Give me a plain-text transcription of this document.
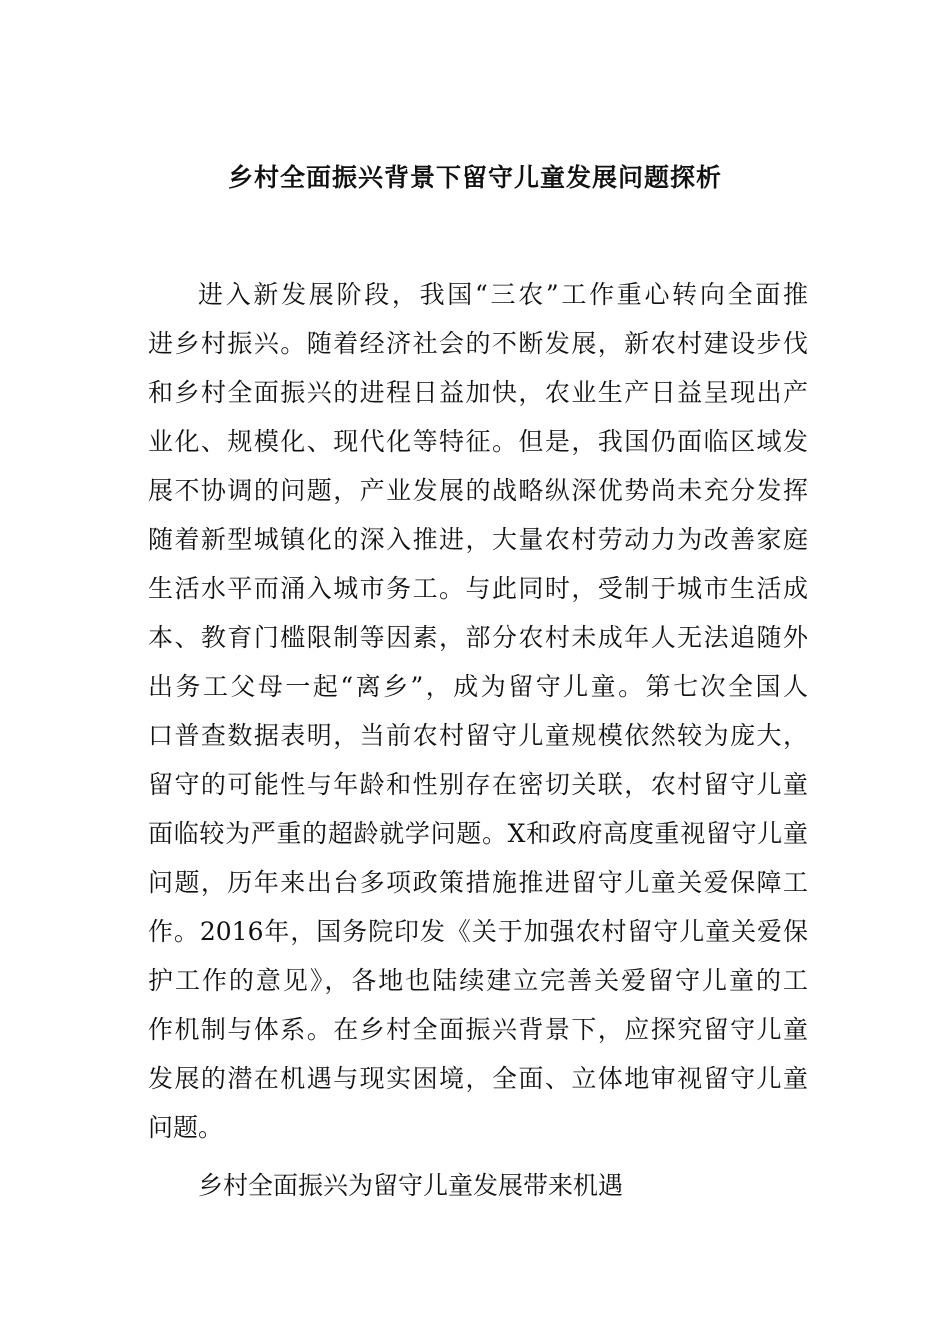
乡村全面振兴背景下留守儿童发展问题探析
进入新发展阶段，我国“三农”工作重心转向全面推
进乡村振兴。随着经济社会的不断发展，新农村建设步伐
和乡村全面振兴的进程日益加快，农业生产日益呈现出产
业化、规模化、现代化等特征。但是，我国仍面临区域发
展不协调的问题，产业发展的战略纵深优势尚未充分发挥
随着新型城镇化的深入推进，大量农村劳动力为改善家庭
生活水平而涌入城市务工。与此同时，受制于城市生活成
本、教育门槛限制等因素，部分农村未成年人无法追随外
出务工父母一起“离乡”，成为留守儿童。第七次全国人
口普查数据表明，当前农村留守儿童规模依然较为庞大，
留守的可能性与年龄和性别存在密切关联，农村留守儿童
面临较为严重的超龄就学问题。X和政府高度重视留守儿童
问题，历年来出台多项政策措施推进留守儿童关爱保障工
作。2016年，国务院印发《关于加强农村留守儿童关爱保
护工作的意见》，各地也陆续建立完善关爱留守儿童的工
作机制与体系。在乡村全面振兴背景下，应探究留守儿童
发展的潜在机遇与现实困境，全面、立体地审视留守儿童
问题。
乡村全面振兴为留守儿童发展带来机遇
